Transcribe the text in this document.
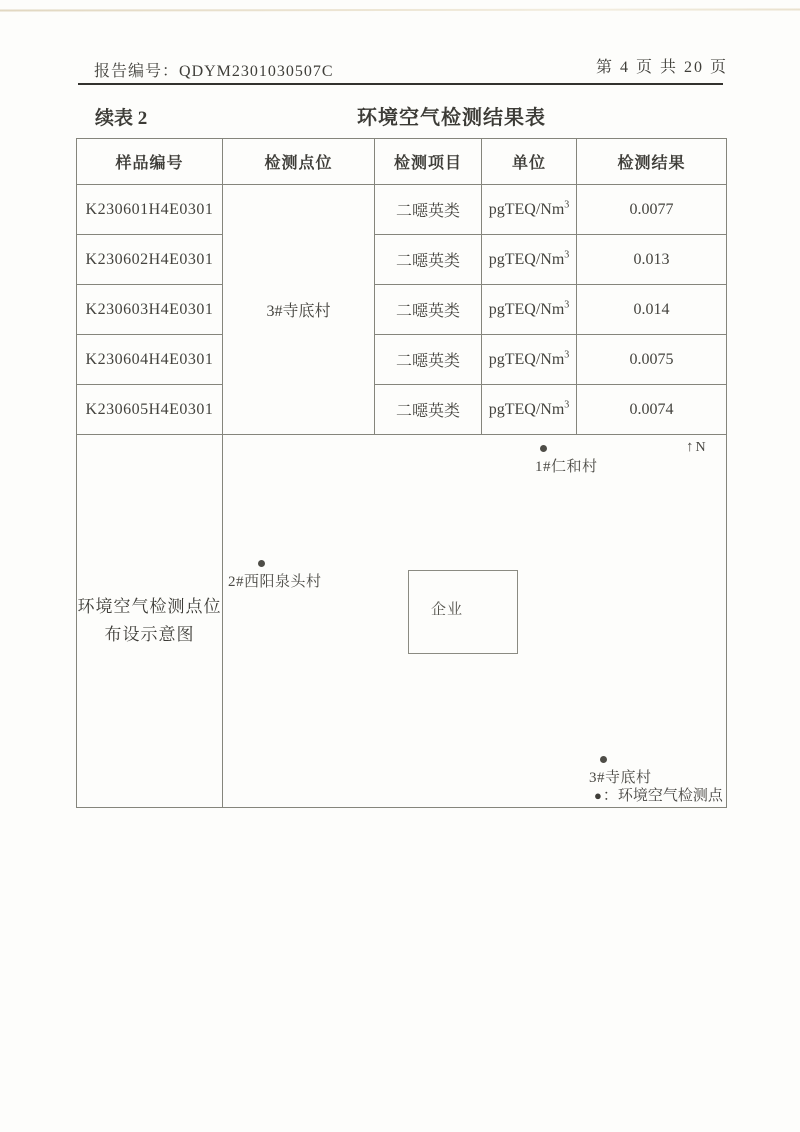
报告编号：QDYM2301030507C	第 4 页 共 20 页
续表 2	环境空气检测结果表
样品编号	检测点位	检测项目	单位	检测结果
K230601H4E0301	3#寺底村	二噁英类	pgTEQ/Nm$^3$	0.0077
K230602H4E0301		二噁英类	pgTEQ/Nm$^3$	0.013
K230603H4E0301		二噁英类	pgTEQ/Nm$^3$	0.014
K230604H4E0301		二噁英类	pgTEQ/Nm$^3$	0.0075
K230605H4E0301		二噁英类	pgTEQ/Nm$^3$	0.0074

环境空气检测点位
布设示意图

↑ N
1#仁和村
2#西阳泉头村
企业
3#寺底村
●：环境空气检测点
